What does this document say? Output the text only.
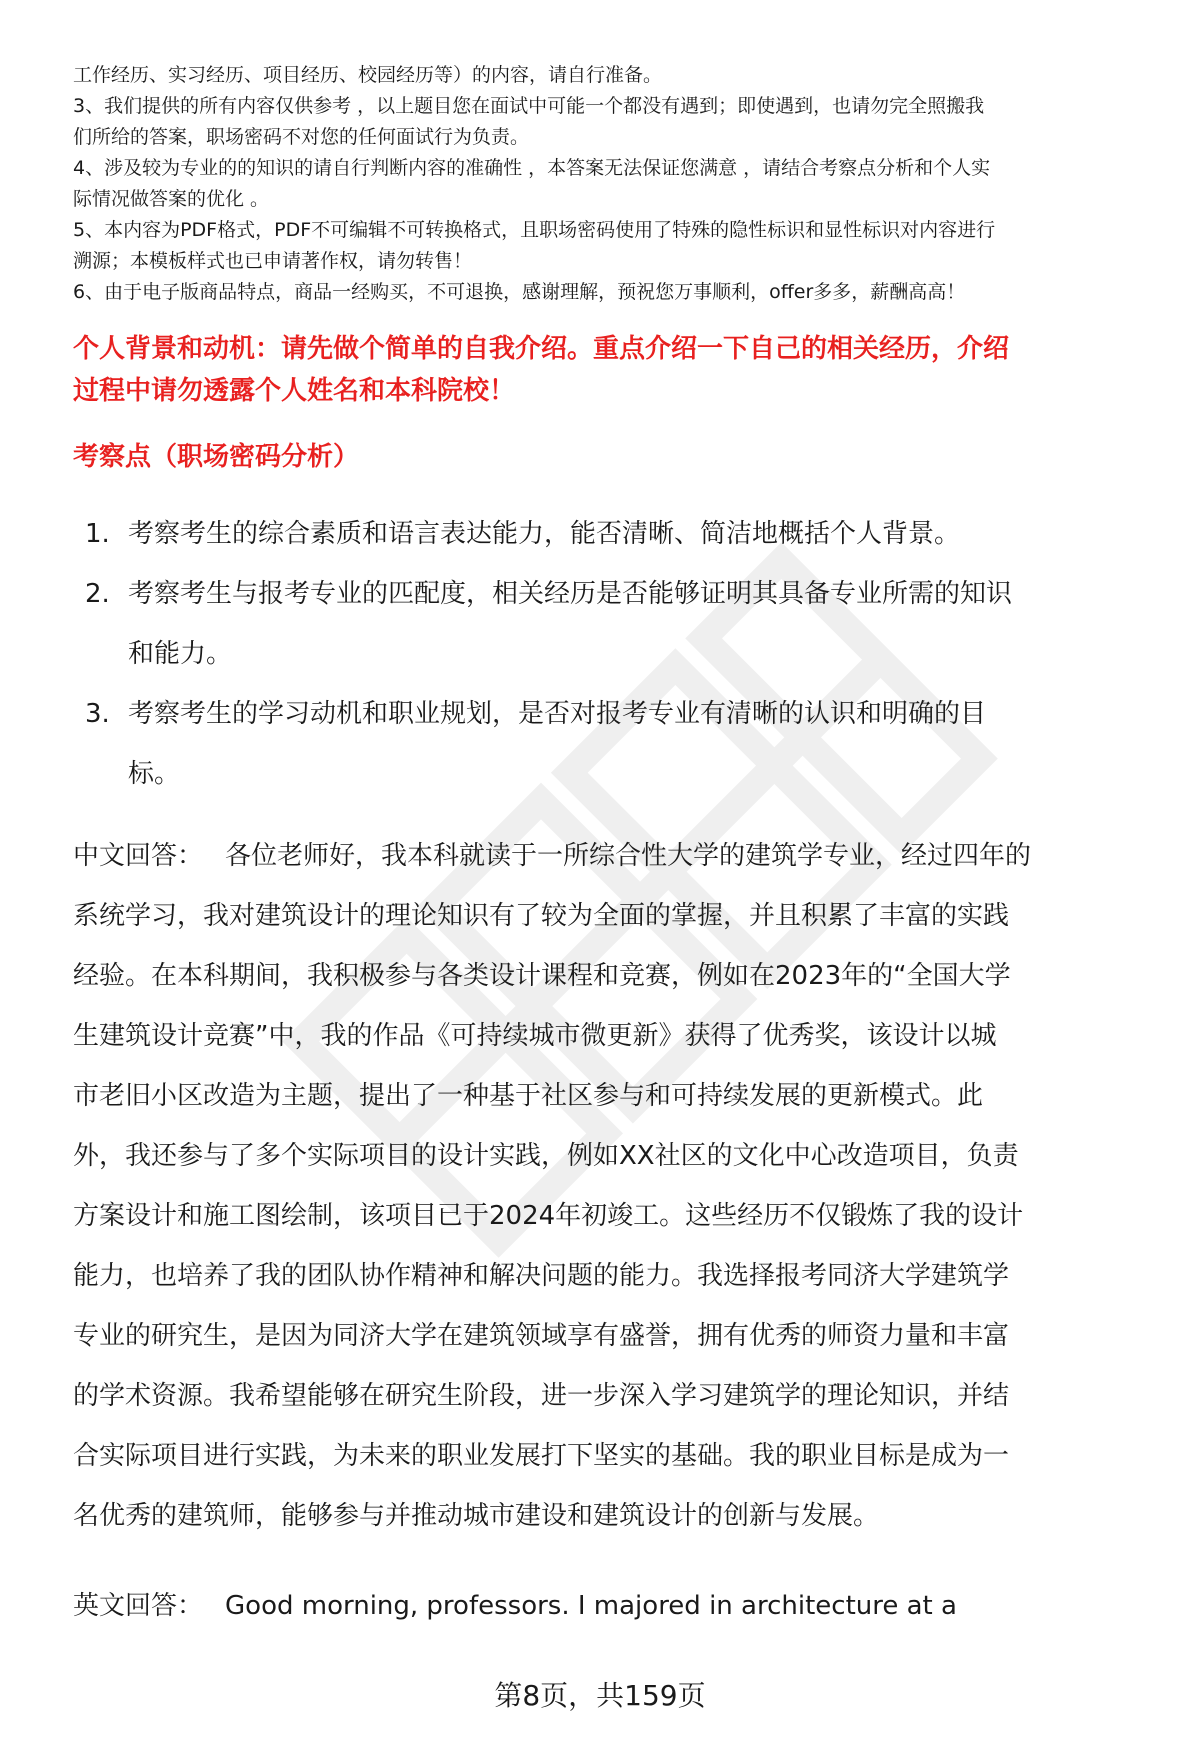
工作经历、实习经历、项目经历、校园经历等）的内容，请自行准备。
3、我们提供的所有内容仅供参考 ，以上题目您在面试中可能一个都没有遇到；即使遇到，也请勿完全照搬我
们所给的答案，职场密码不对您的任何面试行为负责。
4、涉及较为专业的的知识的请自行判断内容的准确性 ，本答案无法保证您满意 ，请结合考察点分析和个人实
际情况做答案的优化 。
5、本内容为PDF格式，PDF不可编辑不可转换格式，且职场密码使用了特殊的隐性标识和显性标识对内容进行
溯源；本模板样式也已申请著作权，请勿转售！
6、由于电子版商品特点，商品一经购买，不可退换，感谢理解，预祝您万事顺利，offer多多，薪酬高高！
个人背景和动机：请先做个简单的自我介绍。重点介绍一下自己的相关经历，介绍
过程中请勿透露个人姓名和本科院校！
考察点（职场密码分析）
1. 考察考生的综合素质和语言表达能力，能否清晰、简洁地概括个人背景。
2. 考察考生与报考专业的匹配度，相关经历是否能够证明其具备专业所需的知识
和能力。
3. 考察考生的学习动机和职业规划，是否对报考专业有清晰的认识和明确的目
标。
中文回答： 各位老师好，我本科就读于一所综合性大学的建筑学专业，经过四年的
系统学习，我对建筑设计的理论知识有了较为全面的掌握，并且积累了丰富的实践
经验。在本科期间，我积极参与各类设计课程和竞赛，例如在2023年的“全国大学
生建筑设计竞赛”中，我的作品《可持续城市微更新》获得了优秀奖，该设计以城
市老旧小区改造为主题，提出了一种基于社区参与和可持续发展的更新模式。此
外，我还参与了多个实际项目的设计实践，例如XX社区的文化中心改造项目，负责
方案设计和施工图绘制，该项目已于2024年初竣工。这些经历不仅锻炼了我的设计
能力，也培养了我的团队协作精神和解决问题的能力。我选择报考同济大学建筑学
专业的研究生，是因为同济大学在建筑领域享有盛誉，拥有优秀的师资力量和丰富
的学术资源。我希望能够在研究生阶段，进一步深入学习建筑学的理论知识，并结
合实际项目进行实践，为未来的职业发展打下坚实的基础。我的职业目标是成为一
名优秀的建筑师，能够参与并推动城市建设和建筑设计的创新与发展。
英文回答： Good morning, professors. I majored in architecture at a
第8页，共159页
